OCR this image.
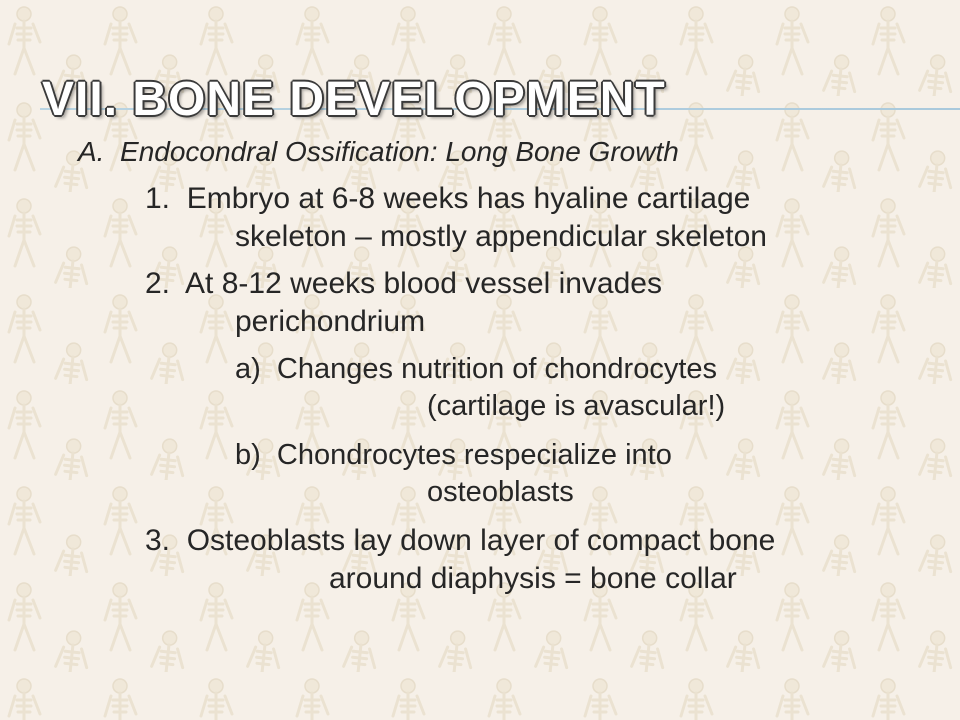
VII. BONE DEVELOPMENT

A. Endocondral Ossification: Long Bone Growth

1. Embryo at 6-8 weeks has hyaline cartilage

skeleton – mostly appendicular skeleton

2. At 8-12 weeks blood vessel invades

perichondrium

a) Changes nutrition of chondrocytes

(cartilage is avascular!)

b) Chondrocytes respecialize into

osteoblasts

3. Osteoblasts lay down layer of compact bone

around diaphysis = bone collar
